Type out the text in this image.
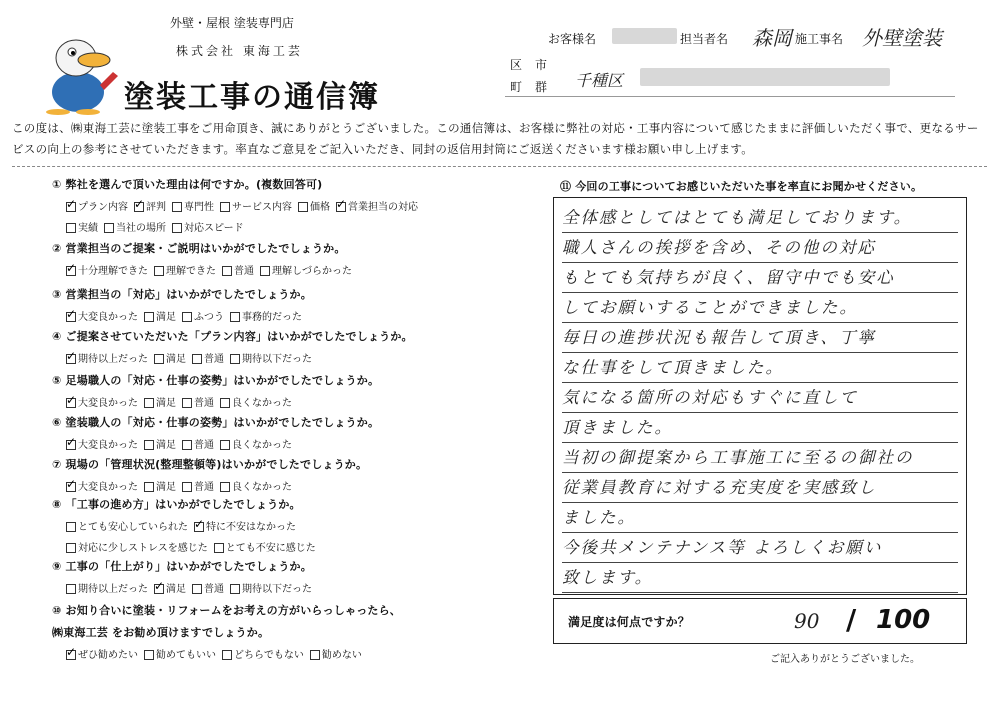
外壁・屋根 塗装専門店
株式会社 東海工芸
塗装工事の通信簿
お客様名	担当者名 森岡 施工事名 外壁塗装
区 市
町 群 千種区
この度は、㈱東海工芸に塗装工事をご用命頂き、誠にありがとうございました。この通信簿は、お客様に弊社の対応・工事内容について感じたままに評価しいただく事で、更なるサービスの向上の参考にさせていただきます。率直なご意見をご記入いただき、同封の返信用封筒にご返送くださいます様お願い申し上げます。
① 弊社を選んで頂いた理由は何ですか。(複数回答可)
✓プラン内容 ✓ 評判 専門性 サービス内容 価格 ✓ 営業担当の対応
実績 当社の場所 対応スピード
② 営業担当のご提案・ご説明はいかがでしたでしょうか。
✓十分理解できた 理解できた 普通 理解しづらかった
③ 営業担当の「対応」はいかがでしたでしょうか。
✓大変良かった 満足 ふつう 事務的だった
④ ご提案させていただいた「プラン内容」はいかがでしたでしょうか。
✓期待以上だった 満足 普通 期待以下だった
⑤ 足場職人の「対応・仕事の姿勢」はいかがでしたでしょうか。
✓大変良かった 満足 普通 良くなかった
⑥ 塗装職人の「対応・仕事の姿勢」はいかがでしたでしょうか。
✓大変良かった 満足 普通 良くなかった
⑦ 現場の「管理状況(整理整頓等)はいかがでしたでしょうか。
✓大変良かった 満足 普通 良くなかった
⑧ 「工事の進め方」はいかがでしたでしょうか。
とても安心していられた ✓ 特に不安はなかった
対応に少しストレスを感じた とても不安に感じた
⑨ 工事の「仕上がり」はいかがでしたでしょうか。
期待以上だった ✓ 満足 普通 期待以下だった
⑩ お知り合いに塗装・リフォームをお考えの方がいらっしゃったら、
㈱東海工芸 をお勧め頂けますでしょうか。
✓ぜひ勧めたい 勧めてもいい どちらでもない 勧めない
⑪ 今回の工事についてお感じいただいた事を率直にお聞かせください。
全体感としてはとても満足しております。
職人さんの挨拶を含め、その他の対応
もとても気持ちが良く、留守中でも安心
してお願いすることができました。
毎日の進捗状況も報告して頂き、丁寧
な仕事をして頂きました。
気になる箇所の対応もすぐに直して
頂きました。
当初の御提案から工事施工に至るの御社の
従業員教育に対する充実度を実感致し
ました。
今後共メンテナンス等 よろしくお願い
致します。
満足度は何点ですか？	90 / 100
ご記入ありがとうございました。
